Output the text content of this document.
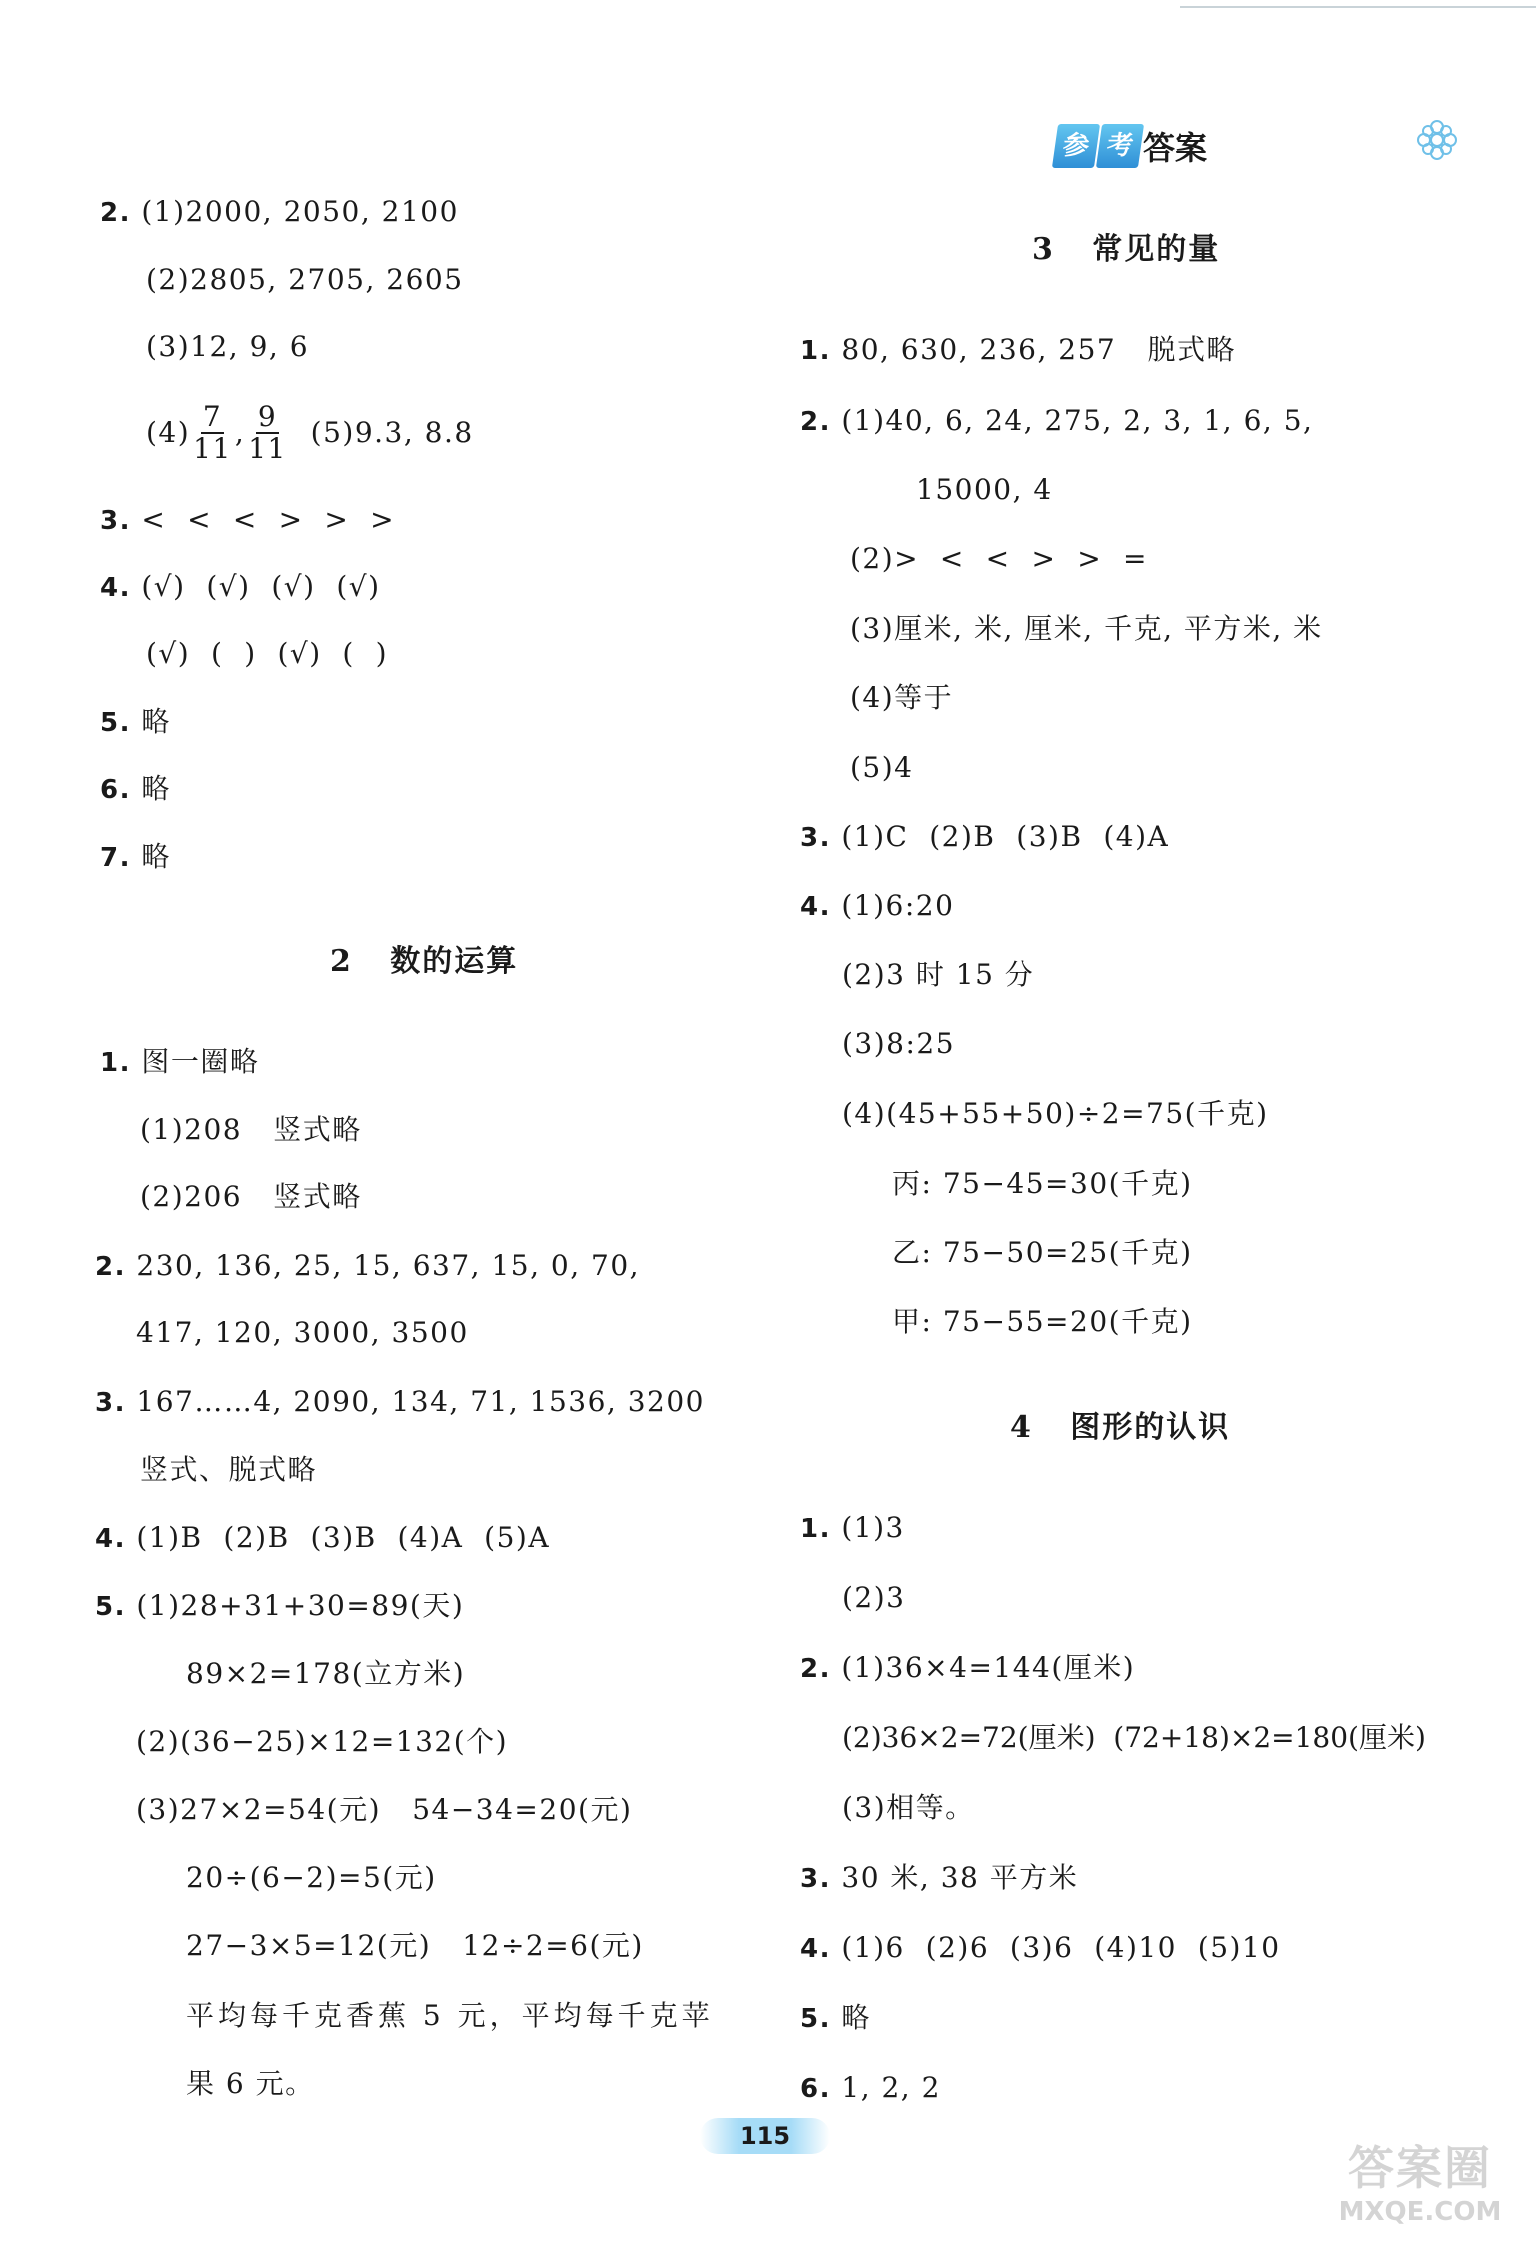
参 考 答案
2. (1)2000, 2050, 2100
(2)2805, 2705, 2605
(3)12, 9, 6
$(4) \frac{7}{11}$ , $\frac{9}{11} (5)9.3$, 8.8
3. <  <  <  >  >  >
4. (√)  (√)  (√)  (√)
(√)  (  )  (√)  (  )
5. 略
6. 略
7. 略
2   数的运算
1. 图一圈略
(1)208   竖式略
(2)206   竖式略
2. 230, 136, 25, 15, 637, 15, 0, 70,
417, 120, 3000, 3500
3. 167……4, 2090, 134, 71, 1536, 3200
竖式、脱式略
4. (1)B  (2)B  (3)B  (4)A  (5)A
5. (1)28+31+30=89(天)
89×2=178(立方米)
(2)(36−25)×12=132(个)
(3)27×2=54(元)   54−34=20(元)
20÷(6−2)=5(元)
27−3×5=12(元)   12÷2=6(元)
平均每千克香蕉 5 元，平均每千克苹
果 6 元。
3   常见的量
1. 80, 630, 236, 257   脱式略
2. (1)40, 6, 24, 275, 2, 3, 1, 6, 5,
15000, 4
(2)>  <  <  >  >  =
(3)厘米, 米, 厘米, 千克, 平方米, 米
(4)等于
(5)4
3. (1)C  (2)B  (3)B  (4)A
4. (1)6:20
(2)3 时 15 分
(3)8:25
(4)(45+55+50)÷2=75(千克)
丙: 75−45=30(千克)
乙: 75−50=25(千克)
甲: 75−55=20(千克)
4   图形的认识
1. (1)3
(2)3
2. (1)36×4=144(厘米)
(2)36×2=72(厘米)  (72+18)×2=180(厘米)
(3)相等。
3. 30 米, 38 平方米
4. (1)6  (2)6  (3)6  (4)10  (5)10
5. 略
6. 1, 2, 2
115
答案圈
MXQE.COM
